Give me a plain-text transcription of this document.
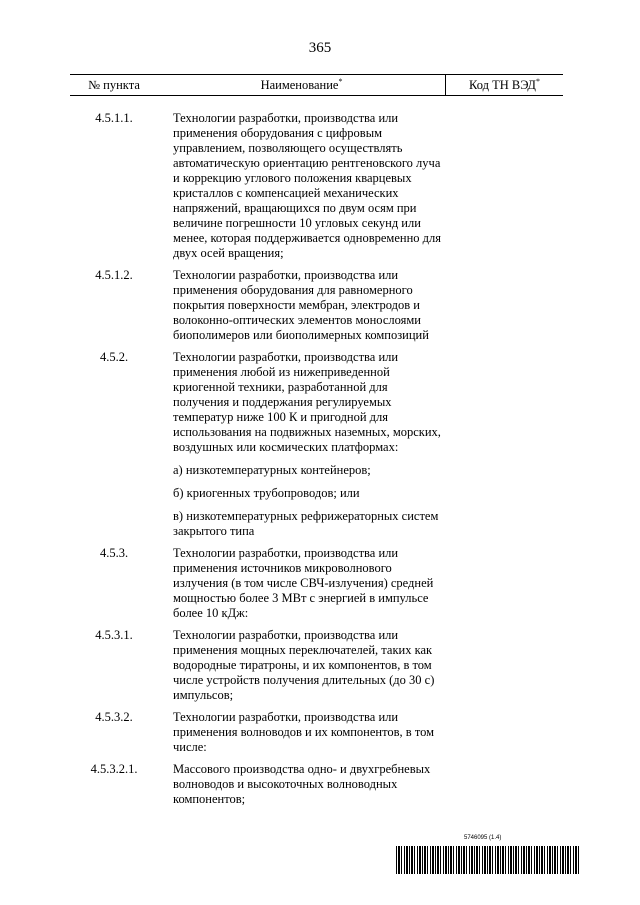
365
№ пункта	Наименование*	Код ТН ВЭД*
4.5.1.1.	Технологии разработки, производства или применения оборудования с цифровым управлением, позволяющего осуществлять автоматическую ориентацию рентгеновского луча и коррекцию углового положения кварцевых кристаллов с компенсацией механических напряжений, вращающихся по двум осям при величине погрешности 10 угловых секунд или менее, которая поддерживается одновременно для двух осей вращения;
4.5.1.2.	Технологии разработки, производства или применения оборудования для равномерного покрытия поверхности мембран, электродов и волоконно-оптических элементов монослоями биополимеров или биополимерных композиций
4.5.2.	Технологии разработки, производства или применения любой из нижеприведенной криогенной техники, разработанной для получения и поддержания регулируемых температур ниже 100 К и пригодной для использования на подвижных наземных, морских, воздушных или космических платформах:
а) низкотемпературных контейнеров;
б) криогенных трубопроводов; или
в) низкотемпературных рефрижераторных систем закрытого типа
4.5.3.	Технологии разработки, производства или применения источников микроволнового излучения (в том числе СВЧ-излучения) средней мощностью более 3 МВт с энергией в импульсе более 10 кДж:
4.5.3.1.	Технологии разработки, производства или применения мощных переключателей, таких как водородные тиратроны, и их компонентов, в том числе устройств получения длительных (до 30 с) импульсов;
4.5.3.2.	Технологии разработки, производства или применения волноводов и их компонентов, в том числе:
4.5.3.2.1.	Массового производства одно- и двухгребневых волноводов и высокоточных волноводных компонентов;
5746095 (1.4)
